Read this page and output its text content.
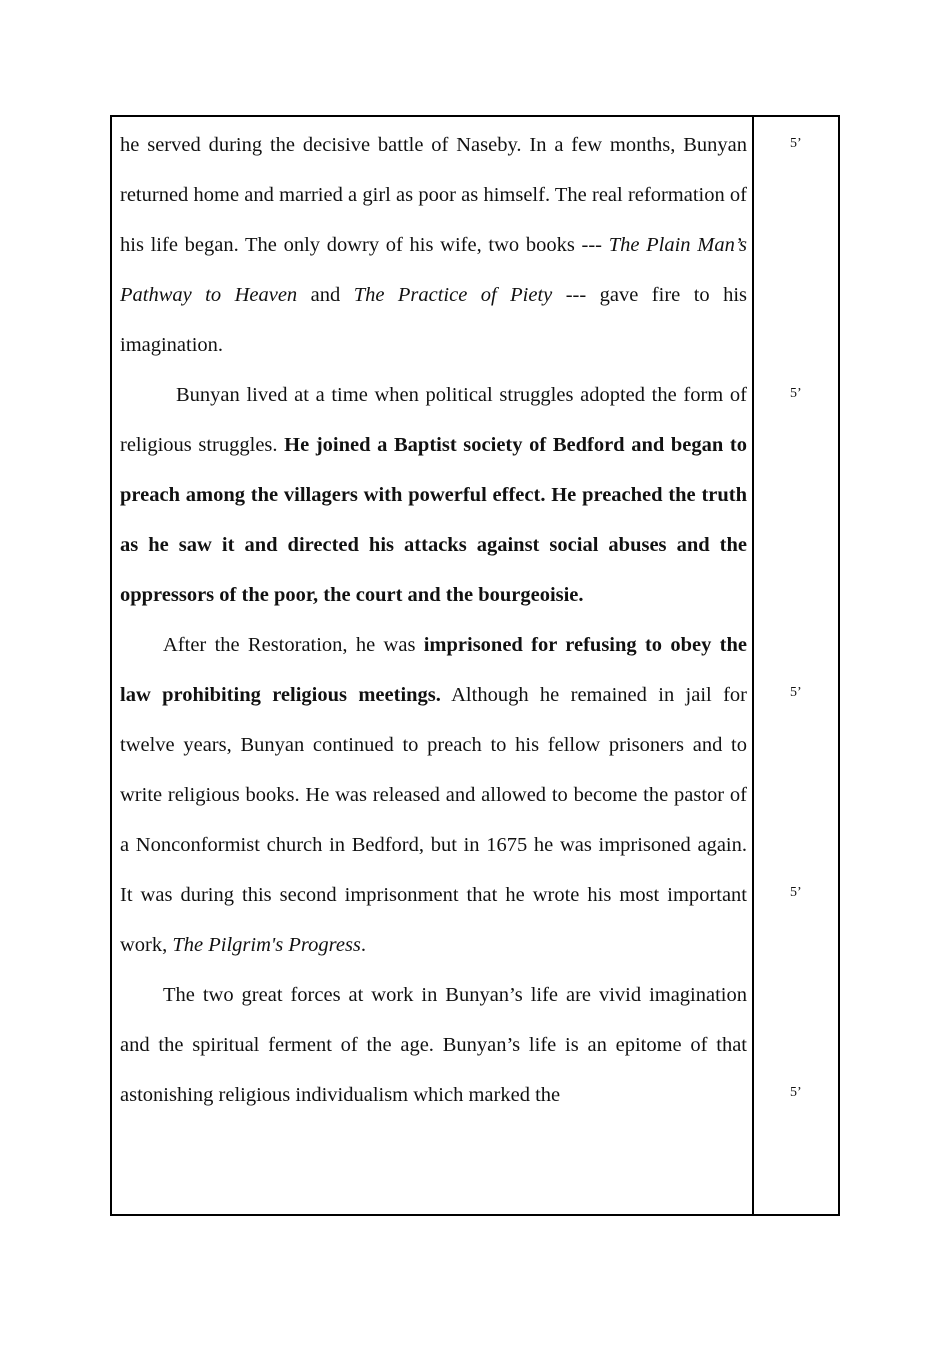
he served during the decisive battle of Naseby. In a few months, Bunyan returned home and married a girl as poor as himself. The real reformation of his life began. The only dowry of his wife, two books --- The Plain Man’s Pathway to Heaven and The Practice of Piety --- gave fire to his imagination.

Bunyan lived at a time when political struggles adopted the form of religious struggles. He joined a Baptist society of Bedford and began to preach among the villagers with powerful effect. He preached the truth as he saw it and directed his attacks against social abuses and the oppressors of the poor, the court and the bourgeoisie.

After the Restoration, he was imprisoned for refusing to obey the law prohibiting religious meetings. Although he remained in jail for twelve years, Bunyan continued to preach to his fellow prisoners and to write religious books. He was released and allowed to become the pastor of a Nonconformist church in Bedford, but in 1675 he was imprisoned again. It was during this second imprisonment that he wrote his most important work, The Pilgrim's Progress.

The two great forces at work in Bunyan’s life are vivid imagination and the spiritual ferment of the age. Bunyan’s life is an epitome of that astonishing religious individualism which marked the

5’
5’
5’
5’
5’
